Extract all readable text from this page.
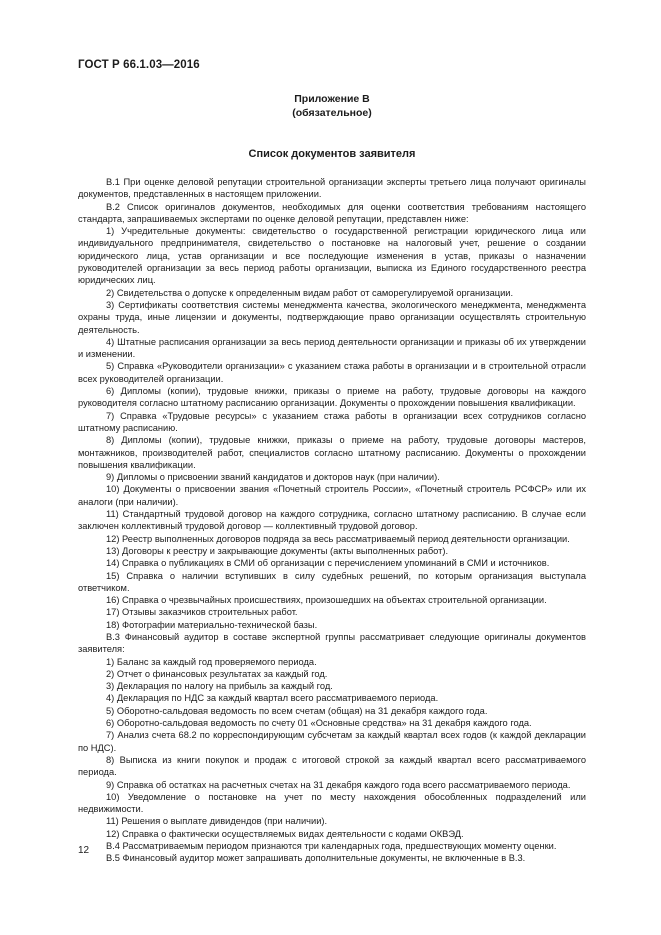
ГОСТ Р 66.1.03—2016
Приложение В
(обязательное)
Список документов заявителя

В.1 При оценке деловой репутации строительной организации эксперты третьего лица получают оригиналы документов, представленных в настоящем приложении.

В.2 Список оригиналов документов, необходимых для оценки соответствия требованиям настоящего стандарта, запрашиваемых экспертами по оценке деловой репутации, представлен ниже:

1) Учредительные документы: свидетельство о государственной регистрации юридического лица или индивидуального предпринимателя, свидетельство о постановке на налоговый учет, решение о создании юридического лица, устав организации и все последующие изменения в устав, приказы о назначении руководителей организации за весь период работы организации, выписка из Единого государственного реестра юридических лиц.

2) Свидетельства о допуске к определенным видам работ от саморегулируемой организации.

3) Сертификаты соответствия системы менеджмента качества, экологического менеджмента, менеджмента охраны труда, иные лицензии и документы, подтверждающие право организации осуществлять строительную деятельность.

4) Штатные расписания организации за весь период деятельности организации и приказы об их утверждении и изменении.

5) Справка «Руководители организации» с указанием стажа работы в организации и в строительной отрасли всех руководителей организации.

6) Дипломы (копии), трудовые книжки, приказы о приеме на работу, трудовые договоры на каждого руководителя согласно штатному расписанию организации. Документы о прохождении повышения квалификации.

7) Справка «Трудовые ресурсы» с указанием стажа работы в организации всех сотрудников согласно штатному расписанию.

8) Дипломы (копии), трудовые книжки, приказы о приеме на работу, трудовые договоры мастеров, монтажников, производителей работ, специалистов согласно штатному расписанию. Документы о прохождении повышения квалификации.

9) Дипломы о присвоении званий кандидатов и докторов наук (при наличии).

10) Документы о присвоении звания «Почетный строитель России», «Почетный строитель РСФСР» или их аналоги (при наличии).

11) Стандартный трудовой договор на каждого сотрудника, согласно штатному расписанию. В случае если заключен коллективный трудовой договор — коллективный трудовой договор.

12) Реестр выполненных договоров подряда за весь рассматриваемый период деятельности организации.

13) Договоры к реестру и закрывающие документы (акты выполненных работ).

14) Справка о публикациях в СМИ об организации с перечислением упоминаний в СМИ и источников.

15) Справка о наличии вступивших в силу судебных решений, по которым организация выступала ответчиком.

16) Справка о чрезвычайных происшествиях, произошедших на объектах строительной организации.

17) Отзывы заказчиков строительных работ.

18) Фотографии материально-технической базы.

В.3 Финансовый аудитор в составе экспертной группы рассматривает следующие оригиналы документов заявителя:

1) Баланс за каждый год проверяемого периода.

2) Отчет о финансовых результатах за каждый год.

3) Декларация по налогу на прибыль за каждый год.

4) Декларация по НДС за каждый квартал всего рассматриваемого периода.

5) Оборотно-сальдовая ведомость по всем счетам (общая) на 31 декабря каждого года.

6) Оборотно-сальдовая ведомость по счету 01 «Основные средства» на 31 декабря каждого года.

7) Анализ счета 68.2 по корреспондирующим субсчетам за каждый квартал всех годов (к каждой декларации по НДС).

8) Выписка из книги покупок и продаж с итоговой строкой за каждый квартал всего рассматриваемого периода.

9) Справка об остатках на расчетных счетах на 31 декабря каждого года всего рассматриваемого периода.

10) Уведомление о постановке на учет по месту нахождения обособленных подразделений или недвижимости.

11) Решения о выплате дивидендов (при наличии).

12) Справка о фактически осуществляемых видах деятельности с кодами ОКВЭД.

В.4 Рассматриваемым периодом признаются три календарных года, предшествующих моменту оценки.

В.5 Финансовый аудитор может запрашивать дополнительные документы, не включенные в В.3.

12
